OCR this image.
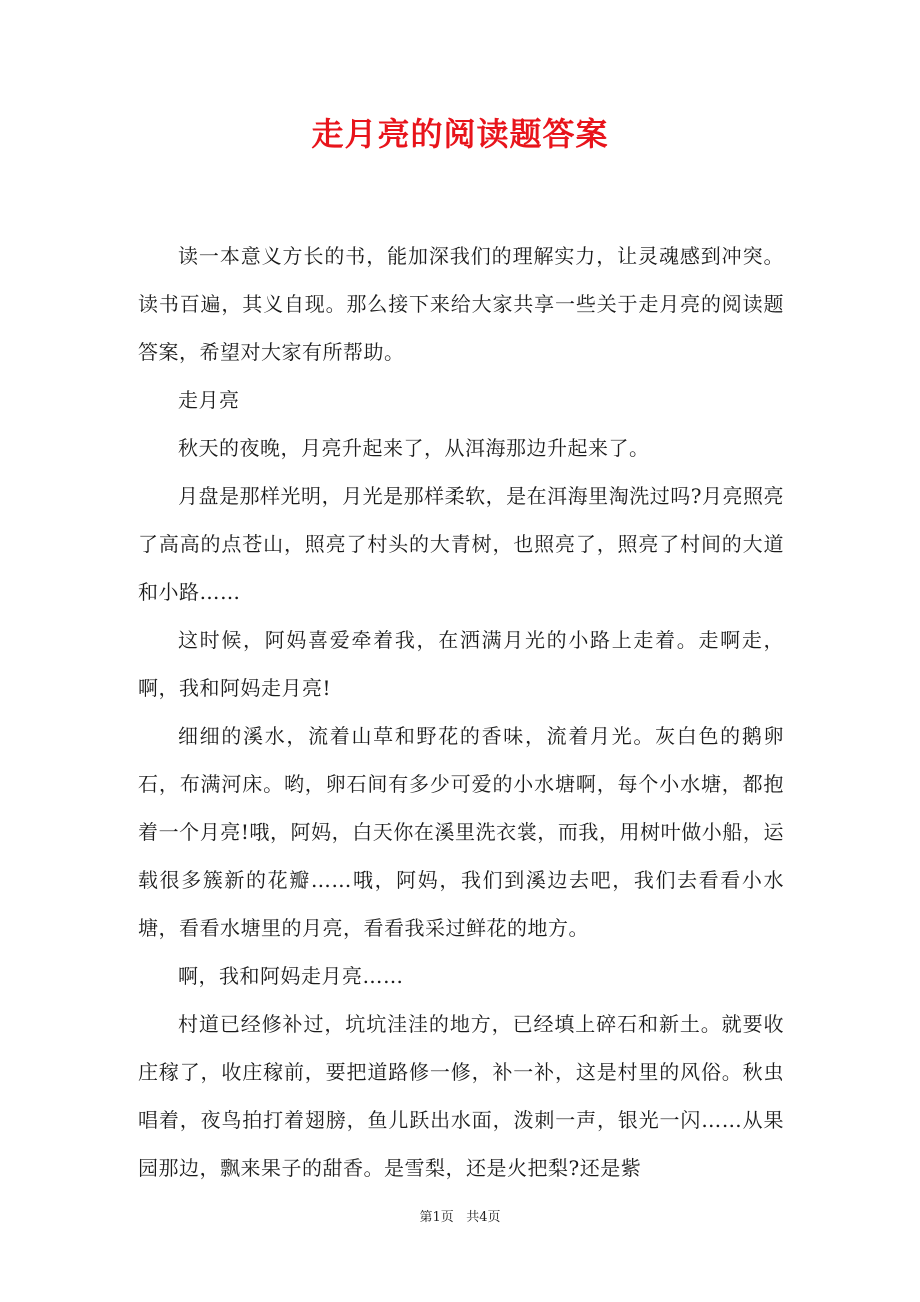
走月亮的阅读题答案

读一本意义方长的书，能加深我们的理解实力，让灵魂感到冲突。读书百遍，其义自现。那么接下来给大家共享一些关于走月亮的阅读题答案，希望对大家有所帮助。

走月亮

秋天的夜晚，月亮升起来了，从洱海那边升起来了。

月盘是那样光明，月光是那样柔软，是在洱海里淘洗过吗?月亮照亮了高高的点苍山，照亮了村头的大青树，也照亮了，照亮了村间的大道和小路……

这时候，阿妈喜爱牵着我，在洒满月光的小路上走着。走啊走，啊，我和阿妈走月亮!

细细的溪水，流着山草和野花的香味，流着月光。灰白色的鹅卵石，布满河床。哟，卵石间有多少可爱的小水塘啊，每个小水塘，都抱着一个月亮!哦，阿妈，白天你在溪里洗衣裳，而我，用树叶做小船，运载很多簇新的花瓣……哦，阿妈，我们到溪边去吧，我们去看看小水塘，看看水塘里的月亮，看看我采过鲜花的地方。

啊，我和阿妈走月亮……

村道已经修补过，坑坑洼洼的地方，已经填上碎石和新土。就要收庄稼了，收庄稼前，要把道路修一修，补一补，这是村里的风俗。秋虫唱着，夜鸟拍打着翅膀，鱼儿跃出水面，泼刺一声，银光一闪……从果园那边，飘来果子的甜香。是雪梨，还是火把梨?还是紫

第1页 共4页
